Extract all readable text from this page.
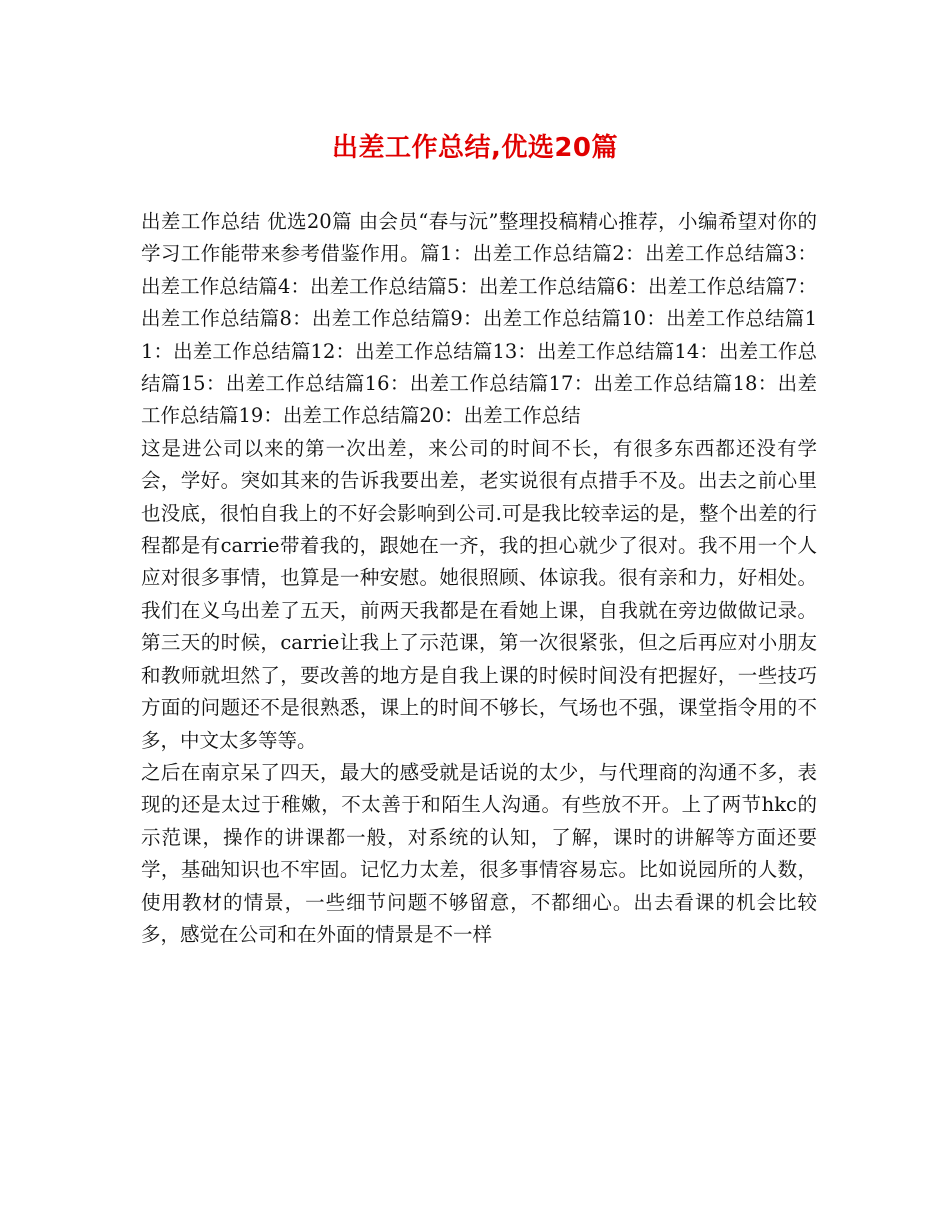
出差工作总结,优选20篇

出差工作总结 优选20篇 由会员“春与沅”整理投稿精心推荐，小编希望对你的学习工作能带来参考借鉴作用。篇1：出差工作总结篇2：出差工作总结篇3：出差工作总结篇4：出差工作总结篇5：出差工作总结篇6：出差工作总结篇7：出差工作总结篇8：出差工作总结篇9：出差工作总结篇10：出差工作总结篇11：出差工作总结篇12：出差工作总结篇13：出差工作总结篇14：出差工作总结篇15：出差工作总结篇16：出差工作总结篇17：出差工作总结篇18：出差工作总结篇19：出差工作总结篇20：出差工作总结

这是进公司以来的第一次出差，来公司的时间不长，有很多东西都还没有学会，学好。突如其来的告诉我要出差，老实说很有点措手不及。出去之前心里也没底，很怕自我上的不好会影响到公司.可是我比较幸运的是，整个出差的行程都是有carrie带着我的，跟她在一齐，我的担心就少了很对。我不用一个人应对很多事情，也算是一种安慰。她很照顾、体谅我。很有亲和力，好相处。我们在义乌出差了五天，前两天我都是在看她上课，自我就在旁边做做记录。第三天的时候，carrie让我上了示范课，第一次很紧张，但之后再应对小朋友和教师就坦然了，要改善的地方是自我上课的时候时间没有把握好，一些技巧方面的问题还不是很熟悉，课上的时间不够长，气场也不强，课堂指令用的不多，中文太多等等。

之后在南京呆了四天，最大的感受就是话说的太少，与代理商的沟通不多，表现的还是太过于稚嫩，不太善于和陌生人沟通。有些放不开。上了两节hkc的示范课，操作的讲课都一般，对系统的认知，了解，课时的讲解等方面还要学，基础知识也不牢固。记忆力太差，很多事情容易忘。比如说园所的人数，使用教材的情景，一些细节问题不够留意，不都细心。出去看课的机会比较多，感觉在公司和在外面的情景是不一样
